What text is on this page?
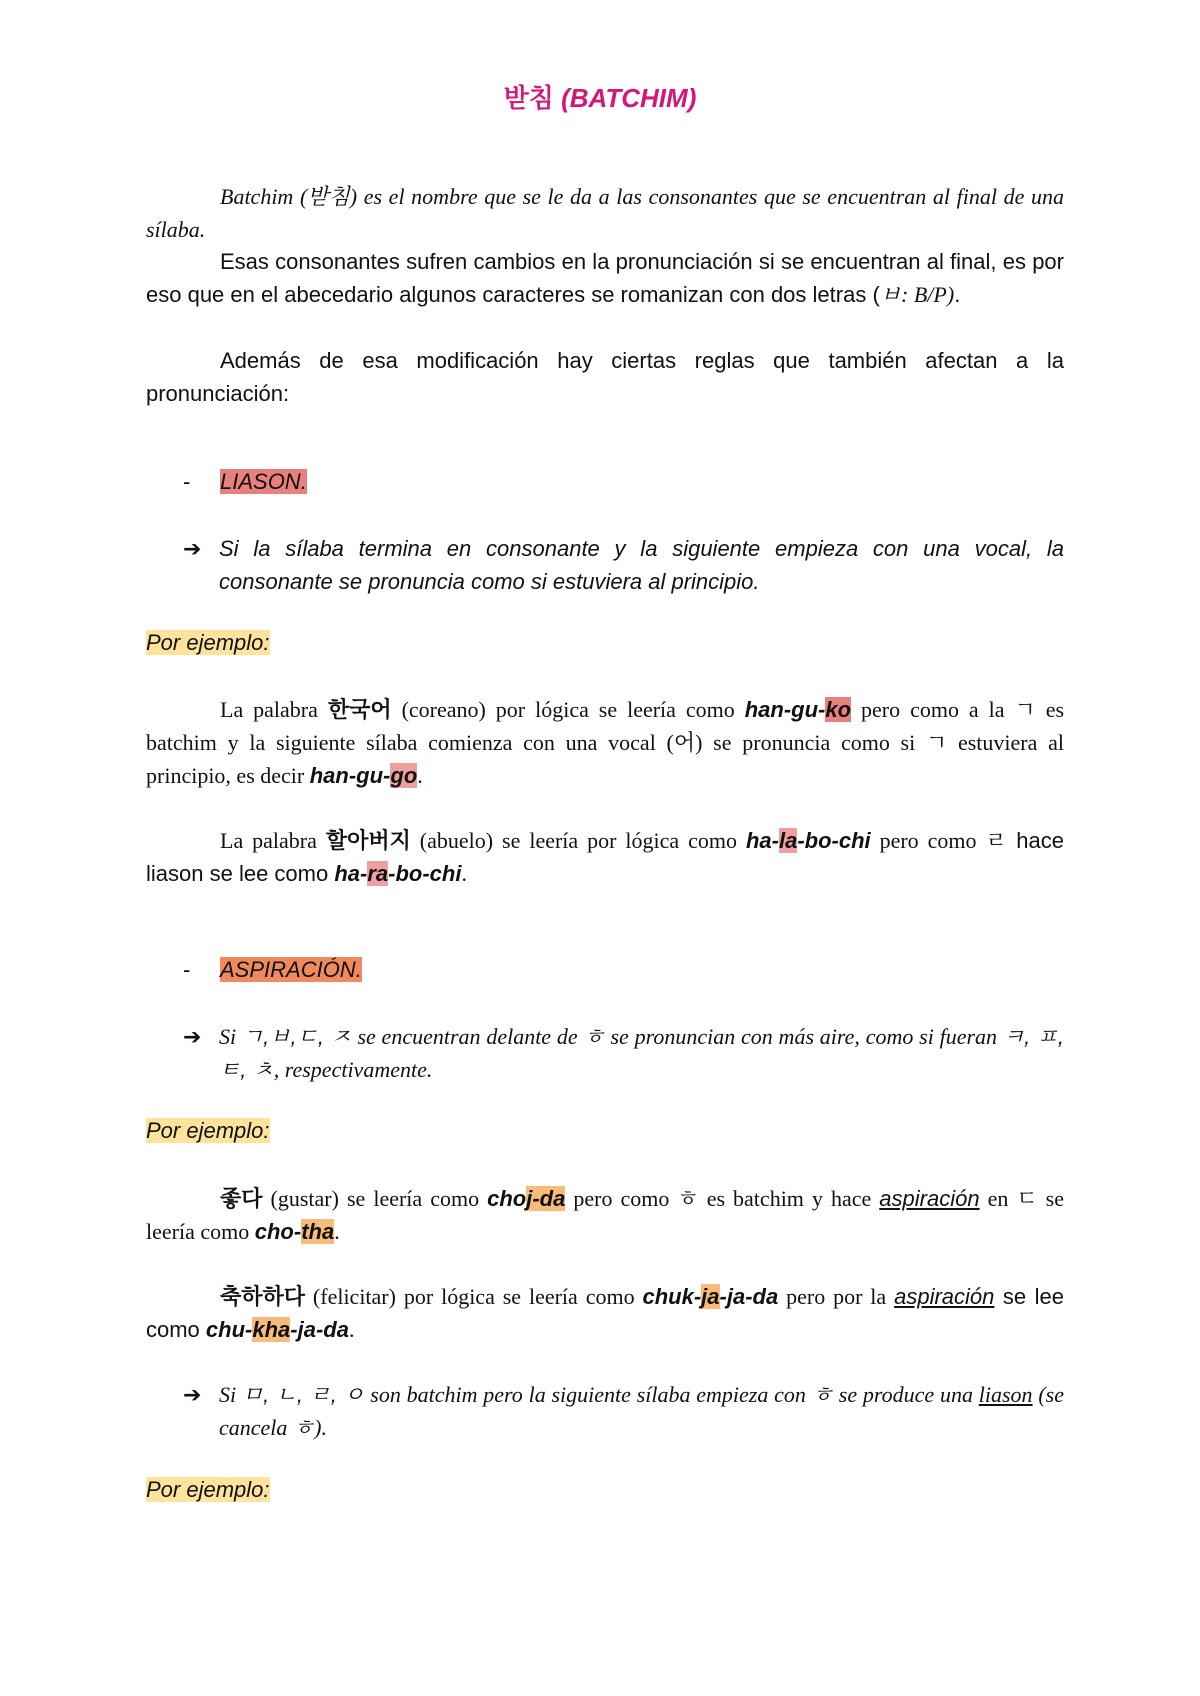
받침 (BATCHIM)
Batchim (받침) es el nombre que se le da a las consonantes que se encuentran al final de una sílaba.
Esas consonantes sufren cambios en la pronunciación si se encuentran al final, es por eso que en el abecedario algunos caracteres se romanizan con dos letras (ㅂ: B/P).
Además de esa modificación hay ciertas reglas que también afectan a la pronunciación:
- LIASON.
➔ Si la sílaba termina en consonante y la siguiente empieza con una vocal, la consonante se pronuncia como si estuviera al principio.
Por ejemplo:
La palabra 한국어 (coreano) por lógica se leería como han-gu-ko pero como a la ㄱ es batchim y la siguiente sílaba comienza con una vocal (어) se pronuncia como si ㄱ estuviera al principio, es decir han-gu-go.
La palabra 할아버지 (abuelo) se leería por lógica como ha-la-bo-chi pero como ㄹ hace liason se lee como ha-ra-bo-chi.
- ASPIRACIÓN.
➔ Si ㄱ,ㅂ,ㄷ, ㅈ se encuentran delante de ㅎ se pronuncian con más aire, como si fueran ㅋ, ㅍ, ㅌ, ㅊ, respectivamente.
Por ejemplo:
좋다 (gustar) se leería como choj-da pero como ㅎ es batchim y hace aspiración en ㄷ se leería como cho-tha.
축하하다 (felicitar) por lógica se leería como chuk-ja-ja-da pero por la aspiración se lee como chu-kha-ja-da.
➔ Si ㅁ, ㄴ, ㄹ, ㅇ son batchim pero la siguiente sílaba empieza con ㅎ se produce una liason (se cancela ㅎ).
Por ejemplo:
